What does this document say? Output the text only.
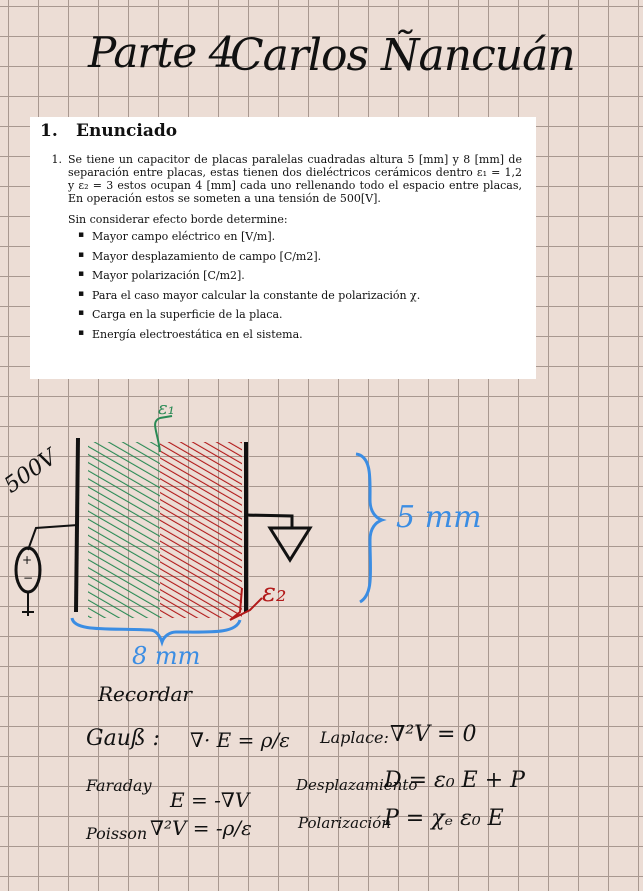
Parte 4
Carlos Ñancuán
1. Enunciado
1. Se tiene un capacitor de placas paralelas cuadradas altura 5 [mm] y 8 [mm] de separación entre placas, estas tienen dos dieléctricos cerámicos dentro ε₁ = 1,2 y ε₂ = 3 estos ocupan 4 [mm] cada uno rellenando todo el espacio entre placas, En operación estos se someten a una tensión de 500[V].
Sin considerar efecto borde determine:
▪ Mayor campo eléctrico en [V/m].
▪ Mayor desplazamiento de campo [C/m2].
▪ Mayor polarización [C/m2].
▪ Para el caso mayor calcular la constante de polarización χ.
▪ Carga en la superficie de la placa.
▪ Energía electroestática en el sistema.
+
−
500V
ε₁
ε₂
5 mm
8 mm
Recordar
Gauß : ∇· E = ρ/ε
Faraday
E = -∇V
Poisson ∇²V = -ρ/ε
Laplace: ∇²V = 0
Desplazamiento
D = ε₀ E + P
Polarización
P = χₑ ε₀ E
